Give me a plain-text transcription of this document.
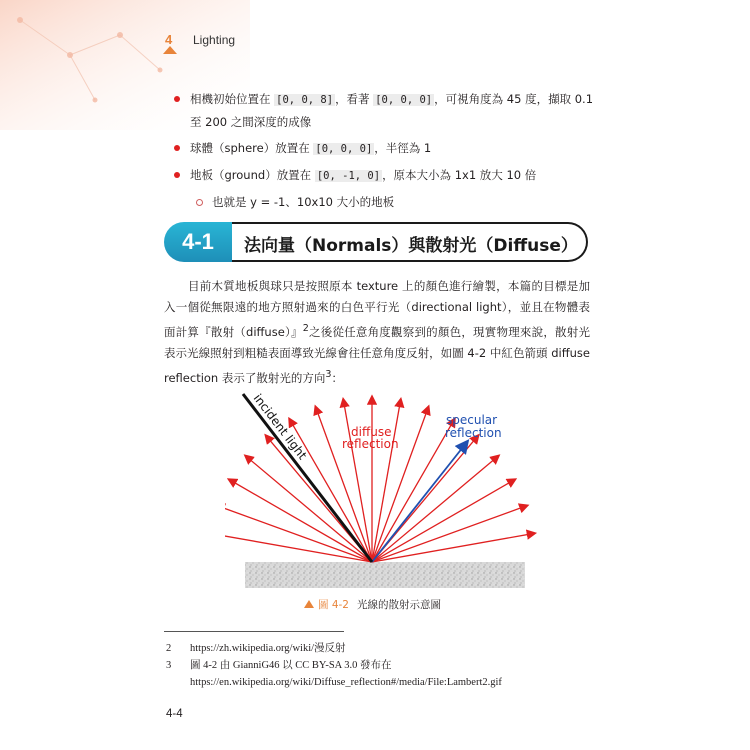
4 Lighting
相機初始位置在 [0, 0, 8] ，看著 [0, 0, 0] ，可視角度為 45 度，擷取 0.1 至 200 之間深度的成像
球體（sphere）放置在 [0, 0, 0] ，半徑為 1
地板（ground）放置在 [0, -1, 0] ，原本大小為 1x1 放大 10 倍
也就是 y = -1、10x10 大小的地板
4-1	法向量（Normals）與散射光（Diffuse）

目前木質地板與球只是按照原本 texture 上的顏色進行繪製，本篇的目標是加入一個從無限遠的地方照射過來的白色平行光（directional light），並且在物體表面計算『散射（diffuse）』$^2$之後從任意角度觀察到的顏色，現實物理來說，散射光表示光線照射到粗糙表面導致光線會往任意角度反射，如圖 4-2 中紅色箭頭 diffuse reflection 表示了散射光的方向$^3$：

incident light	diffuse
reflection
specular
reflection
圖 4-2 光線的散射示意圖
2 https://zh.wikipedia.org/wiki/漫反射
3 圖 4-2 由 GianniG46 以 CC BY-SA 3.0 發布在
https://en.wikipedia.org/wiki/Diffuse_reflection#/media/File:Lambert2.gif
4-4
